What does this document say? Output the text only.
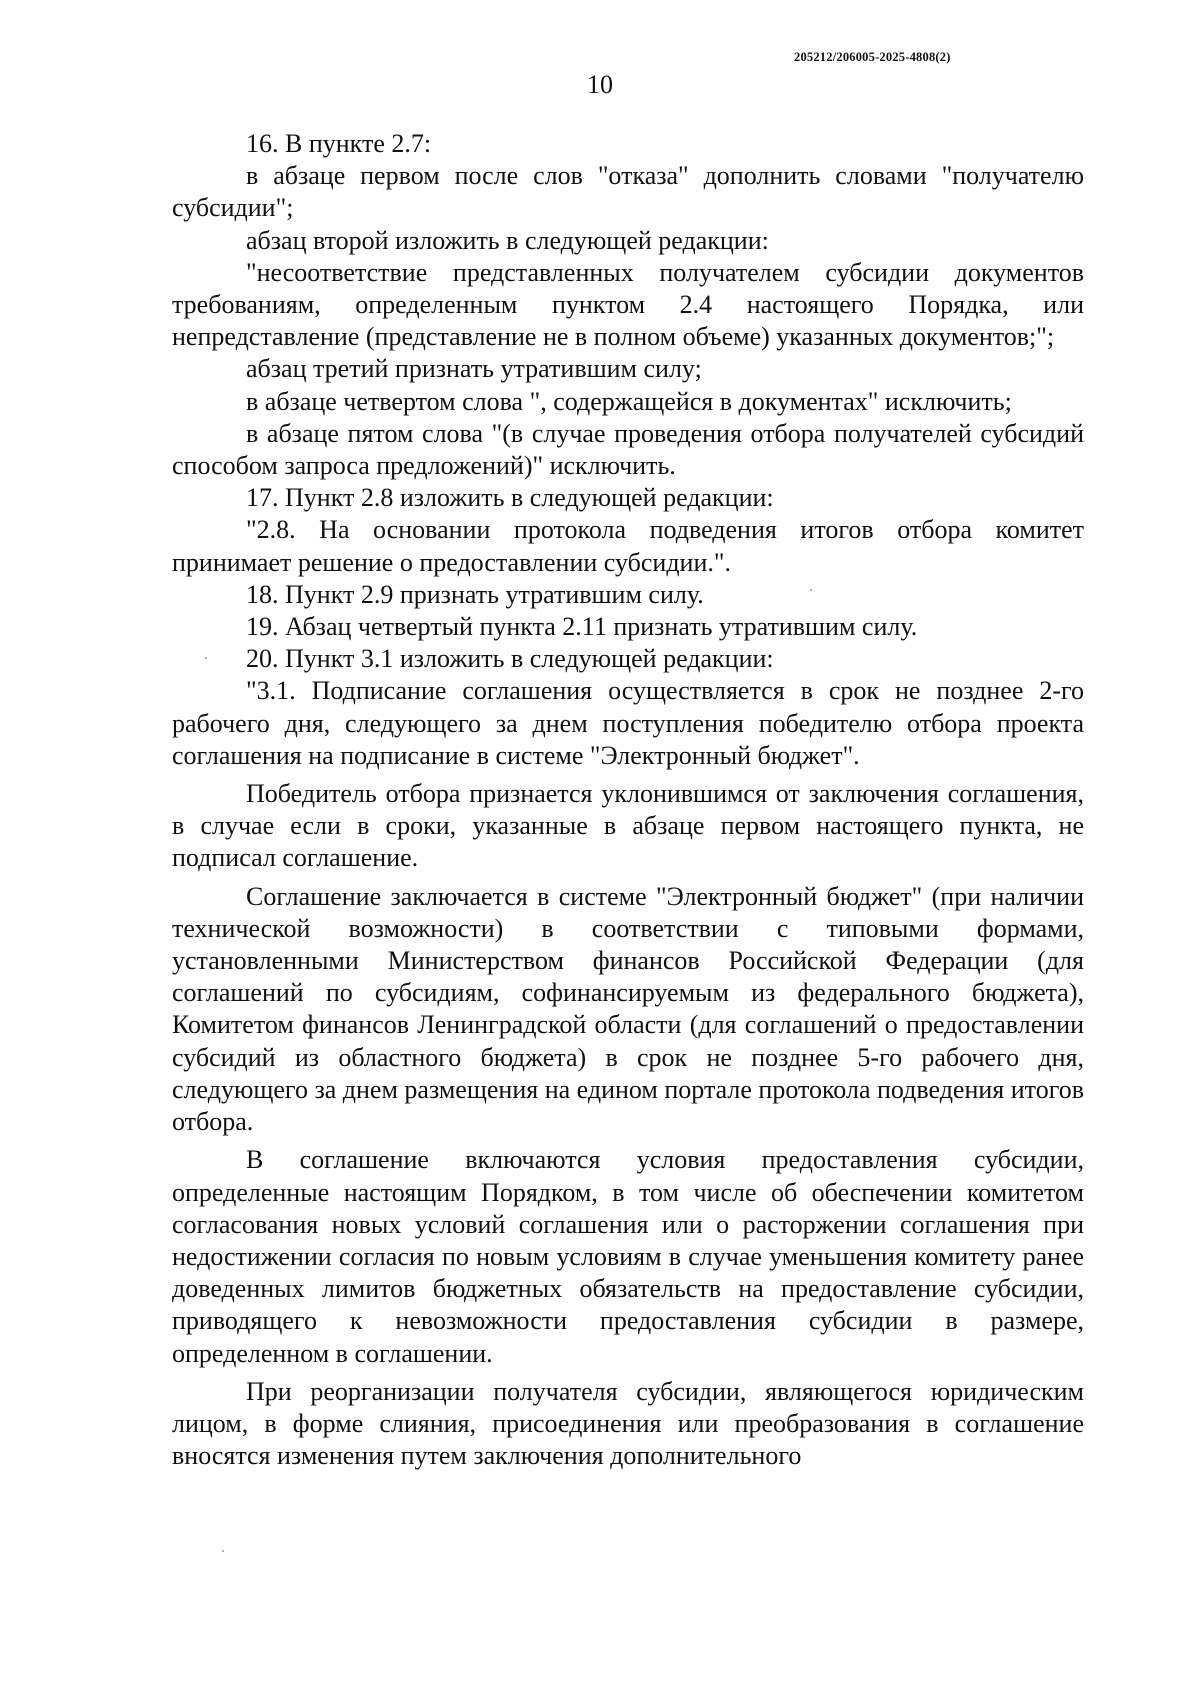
205212/206005-2025-4808(2)
10

16. В пункте 2.7:

в абзаце первом после слов "отказа" дополнить словами "получателю субсидии";

абзац второй изложить в следующей редакции:

"несоответствие представленных получателем субсидии документов требованиям, определенным пунктом 2.4 настоящего Порядка, или непредставление (представление не в полном объеме) указанных документов;";

абзац третий признать утратившим силу;

в абзаце четвертом слова ", содержащейся в документах" исключить;

в абзаце пятом слова "(в случае проведения отбора получателей субсидий способом запроса предложений)" исключить.

17. Пункт 2.8 изложить в следующей редакции:

"2.8. На основании протокола подведения итогов отбора комитет принимает решение о предоставлении субсидии.".

18. Пункт 2.9 признать утратившим силу.

19. Абзац четвертый пункта 2.11 признать утратившим силу.

20. Пункт 3.1 изложить в следующей редакции:

"3.1. Подписание соглашения осуществляется в срок не позднее 2-го рабочего дня, следующего за днем поступления победителю отбора проекта соглашения на подписание в системе "Электронный бюджет".

Победитель отбора признается уклонившимся от заключения соглашения, в случае если в сроки, указанные в абзаце первом настоящего пункта, не подписал соглашение.

Соглашение заключается в системе "Электронный бюджет" (при наличии технической возможности) в соответствии с типовыми формами, установленными Министерством финансов Российской Федерации (для соглашений по субсидиям, софинансируемым из федерального бюджета), Комитетом финансов Ленинградской области (для соглашений о предоставлении субсидий из областного бюджета) в срок не позднее 5-го рабочего дня, следующего за днем размещения на едином портале протокола подведения итогов отбора.

В соглашение включаются условия предоставления субсидии, определенные настоящим Порядком, в том числе об обеспечении комитетом согласования новых условий соглашения или о расторжении соглашения при недостижении согласия по новым условиям в случае уменьшения комитету ранее доведенных лимитов бюджетных обязательств на предоставление субсидии, приводящего к невозможности предоставления субсидии в размере, определенном в соглашении.

При реорганизации получателя субсидии, являющегося юридическим лицом, в форме слияния, присоединения или преобразования в соглашение вносятся изменения путем заключения дополнительного
